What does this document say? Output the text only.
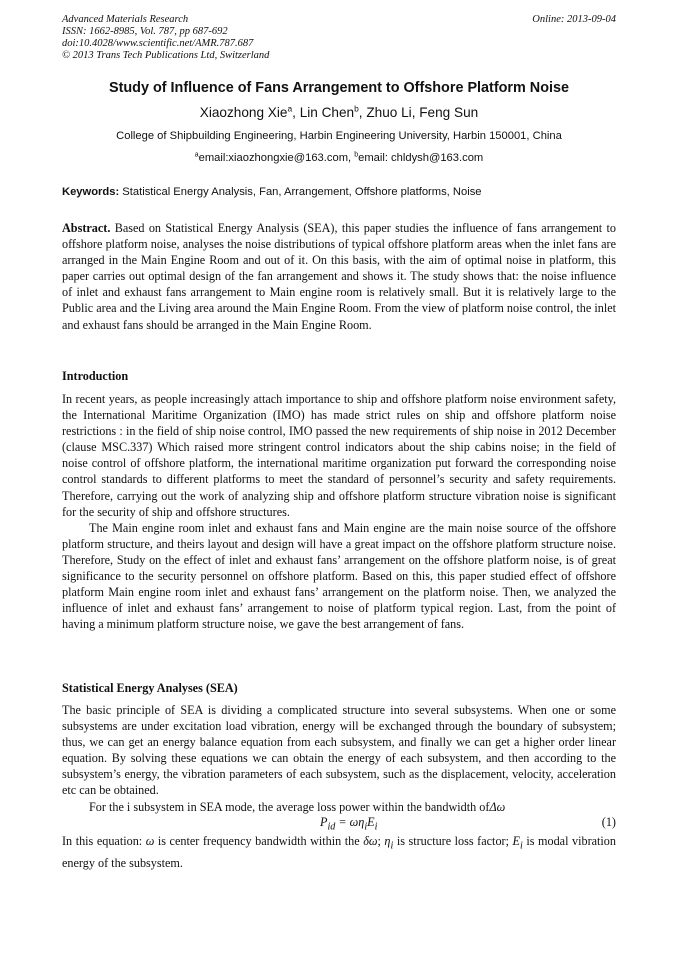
Advanced Materials Research
ISSN: 1662-8985, Vol. 787, pp 687-692
doi:10.4028/www.scientific.net/AMR.787.687
© 2013 Trans Tech Publications Ltd, Switzerland
Online: 2013-09-04
Study of Influence of Fans Arrangement to Offshore Platform Noise
Xiaozhong Xie$^a$, Lin Chen$^b$, Zhuo Li, Feng Sun
College of Shipbuilding Engineering, Harbin Engineering University, Harbin 150001, China
$^a$email:xiaozhongxie@163.com, $^b$email: chldysh@163.com
Keywords: Statistical Energy Analysis, Fan, Arrangement, Offshore platforms, Noise

Abstract. Based on Statistical Energy Analysis (SEA), this paper studies the influence of fans arrangement to offshore platform noise, analyses the noise distributions of typical offshore platform areas when the inlet fans are arranged in the Main Engine Room and out of it. On this basis, with the aim of optimal noise in platform, this paper carries out optimal design of the fan arrangement and shows it. The study shows that: the noise influence of inlet and exhaust fans arrangement to Main engine room is relatively small. But it is relatively large to the Public area and the Living area around the Main Engine Room. From the view of platform noise control, the inlet and exhaust fans should be arranged in the Main Engine Room.

Introduction

In recent years, as people increasingly attach importance to ship and offshore platform noise environment safety, the International Maritime Organization (IMO) has made strict rules on ship and offshore platform noise restrictions : in the field of ship noise control, IMO passed the new requirements of ship noise in 2012 December (clause MSC.337) Which raised more stringent control indicators about the ship cabins noise; in the field of noise control of offshore platform, the international maritime organization put forward the corresponding noise control standards to different platforms to meet the standard of personnel’s security and safety requirements. Therefore, carrying out the work of analyzing ship and offshore platform structure vibration noise is significant for the security of ship and offshore structures.

The Main engine room inlet and exhaust fans and Main engine are the main noise source of the offshore platform structure, and theirs layout and design will have a great impact on the offshore platform structure noise. Therefore, Study on the effect of inlet and exhaust fans’ arrangement on the offshore platform noise, is of great significance to the security personnel on offshore platform. Based on this, this paper studied effect of offshore platform Main engine room inlet and exhaust fans’ arrangement on the platform noise. Then, we analyzed the influence of inlet and exhaust fans’ arrangement to noise of platform typical region. Last, from the point of having a minimum platform structure noise, we gave the best arrangement of fans.

Statistical Energy Analyses (SEA)

The basic principle of SEA is dividing a complicated structure into several subsystems. When one or some subsystems are under excitation load vibration, energy will be exchanged through the boundary of subsystem; thus, we can get an energy balance equation from each subsystem, and finally we can get a higher order linear equation. By solving these equations we can obtain the energy of each subsystem, and then according to the subsystem’s energy, the vibration parameters of each subsystem, such as the displacement, velocity, acceleration etc can be obtained.

For the i subsystem in SEA mode, the average loss power within the bandwidth ofΔω

$P_{id} = \omega\eta_iE_i$	(1)

In this equation: ω is center frequency bandwidth within the δω; $\eta_i$ is structure loss factor; $E_i$ is modal vibration energy of the subsystem.
